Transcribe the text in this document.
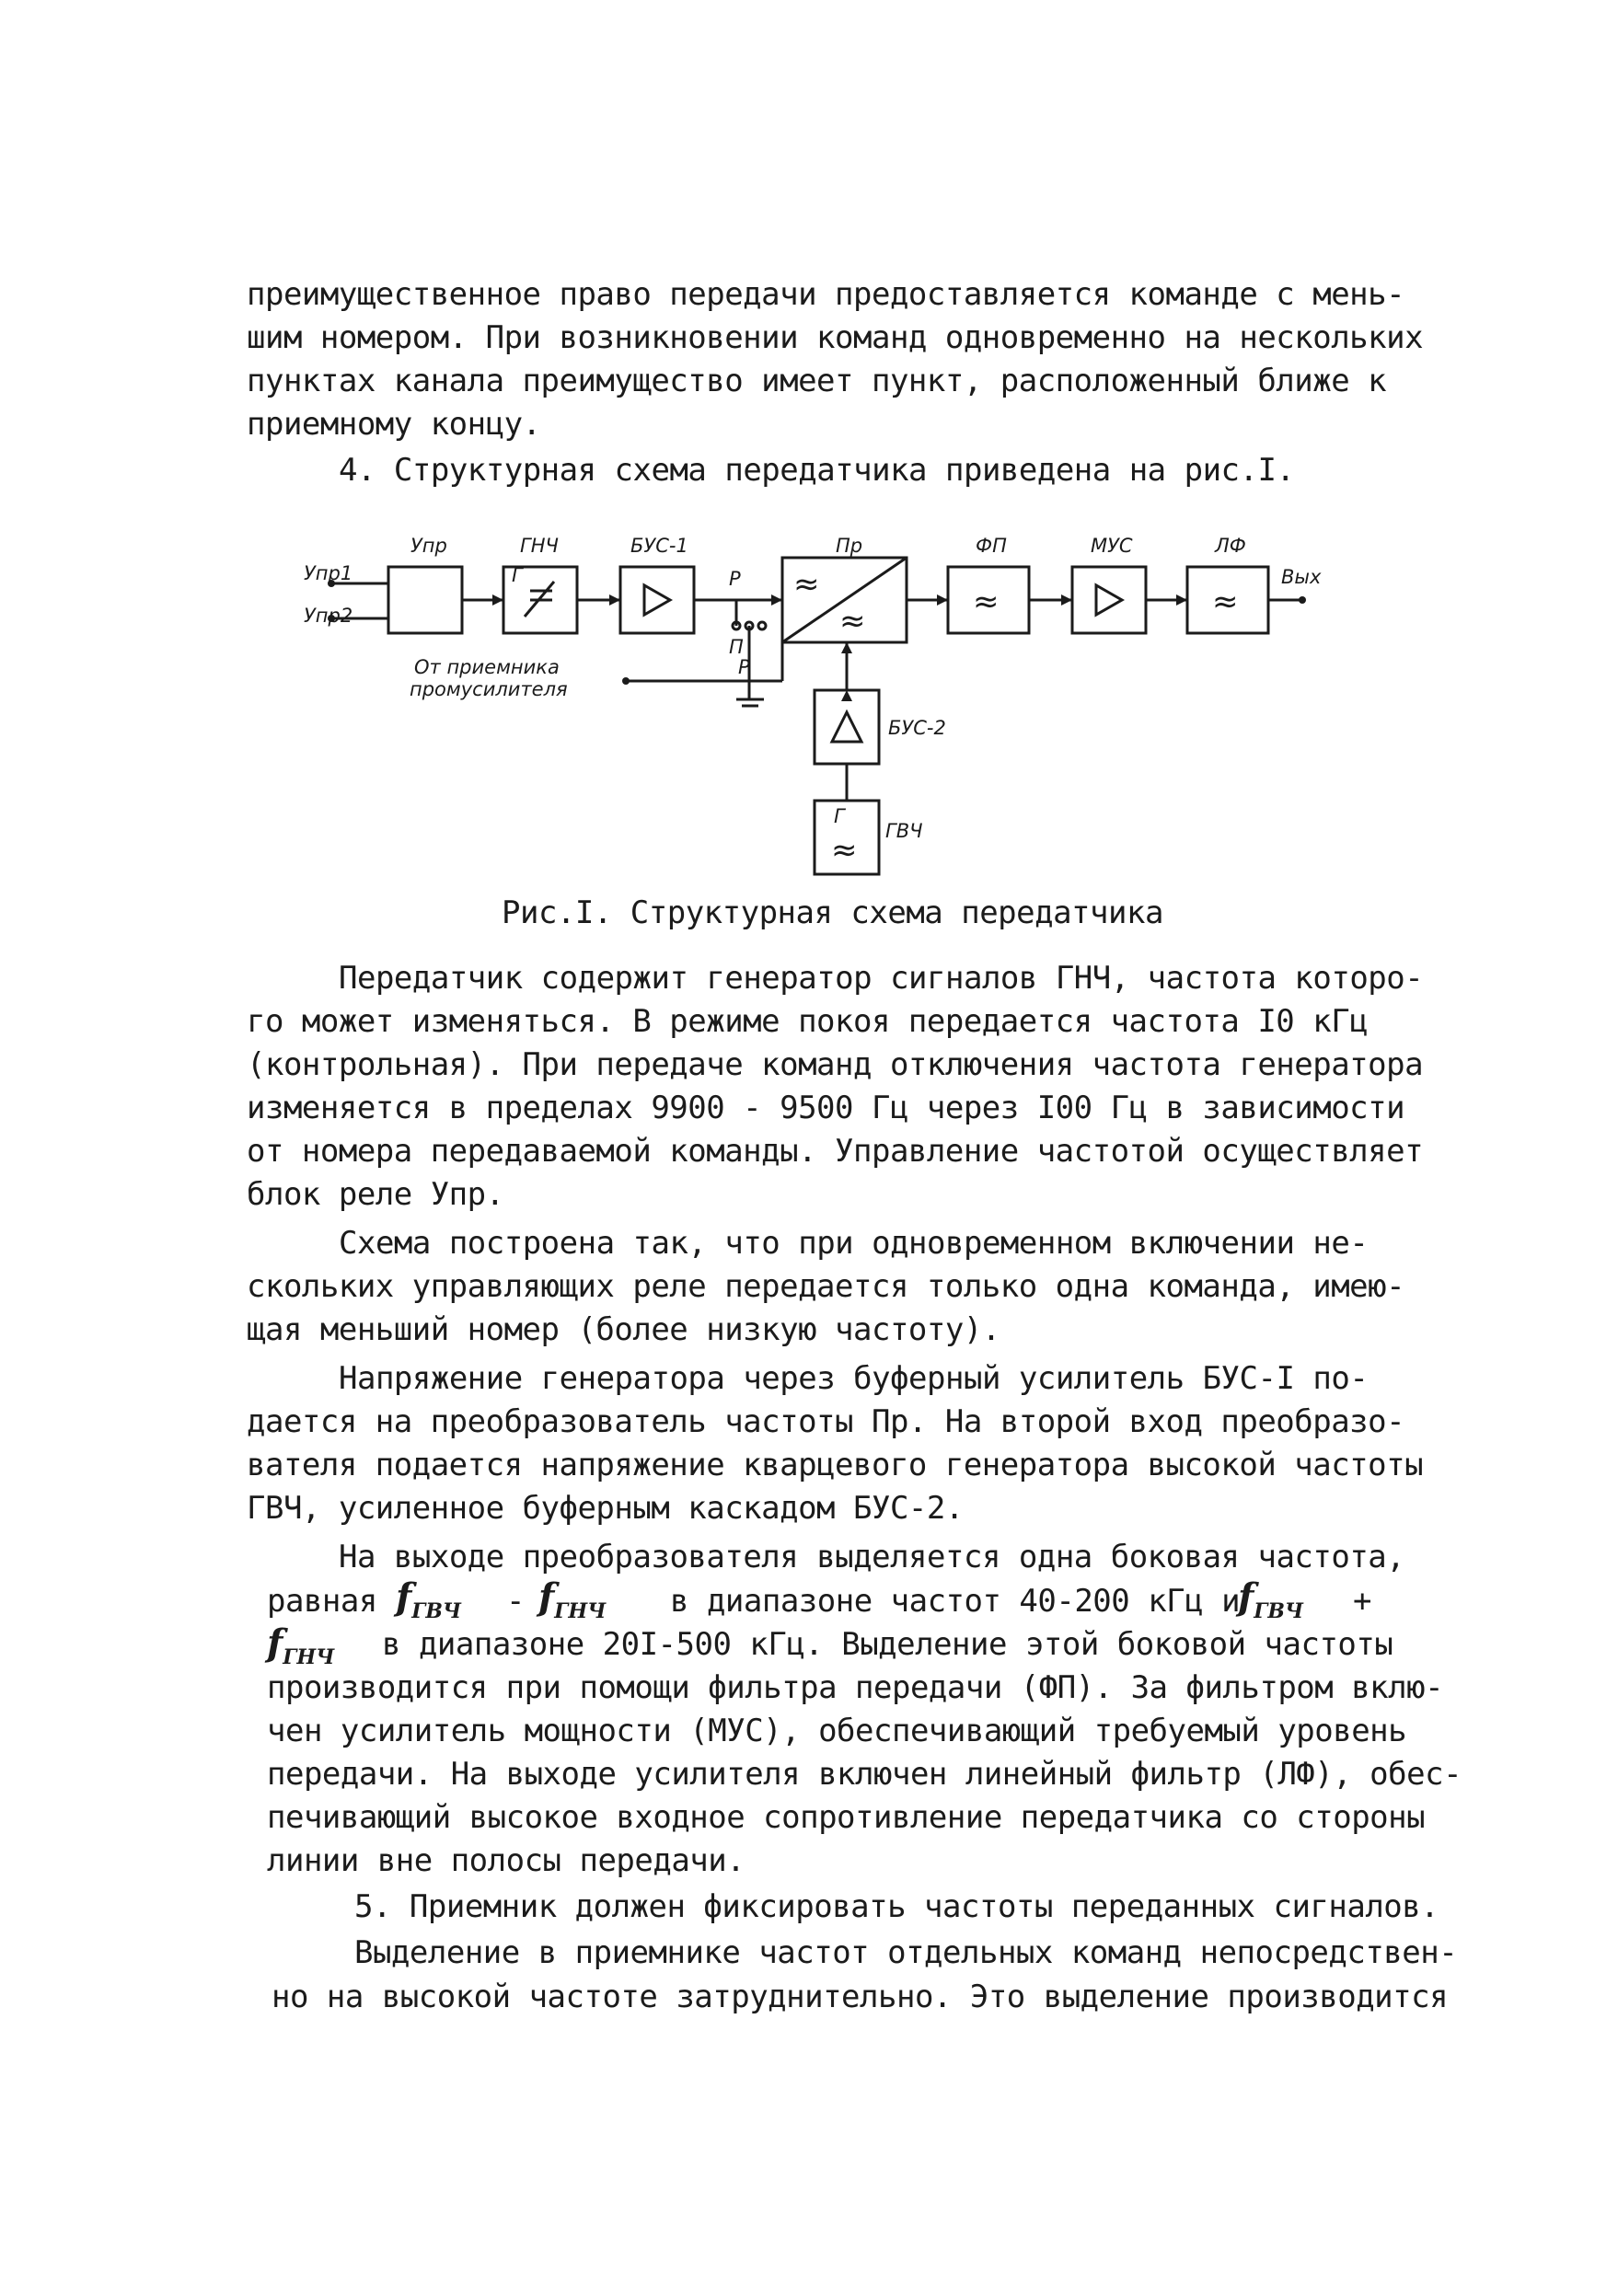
преимущественное право передачи предоставляется команде с мень-
шим номером. При возникновении команд одновременно на нескольких
пунктах канала преимущество имеет пункт, расположенный ближе к
приемному концу.
4. Структурная схема передатчика приведена на рис.I.
Упр	ГНЧ	БУС-1	Пр	ФП	МУС	ЛФ
БУС-2
ГВЧ
Упр1
Упр2
Вых
От приемника
промусилителя
Р
П
Р
Г
Г
≈
≈
≈	≈
≈
Рис.I. Структурная схема передатчика
Передатчик содержит генератор сигналов ГНЧ, частота которо-
го может изменяться. В режиме покоя передается частота I0 кГц
(контрольная). При передаче команд отключения частота генератора
изменяется в пределах 9900 - 9500 Гц через I00 Гц в зависимости
от номера передаваемой команды. Управление частотой осуществляет
блок реле Упр.
Схема построена так, что при одновременном включении не-
скольких управляющих реле передается только одна команда, имею-
щая меньший номер (более низкую частоту).
Напряжение генератора через буферный усилитель БУС-I по-
дается на преобразователь частоты Пр. На второй вход преобразо-
вателя подается напряжение кварцевого генератора высокой частоты
ГВЧ, усиленное буферным каскадом БУС-2.
На выходе преобразователя выделяется одна боковая частота,
равная $f_{ГВЧ} - f_{ГНЧ}$ в диапазоне частот 40-200 кГц и
$f_{ГВЧ}$ +
$f_{ГНЧ}$ в диапазоне 20I-500 кГц. Выделение этой боковой частоты
производится при помощи фильтра передачи (ФП). За фильтром вклю-
чен усилитель мощности (МУС), обеспечивающий требуемый уровень
передачи. На выходе усилителя включен линейный фильтр (ЛФ), обес-
печивающий высокое входное сопротивление передатчика со стороны
линии вне полосы передачи.
5. Приемник должен фиксировать частоты переданных сигналов.
Выделение в приемнике частот отдельных команд непосредствен-
но на высокой частоте затруднительно. Это выделение производится
